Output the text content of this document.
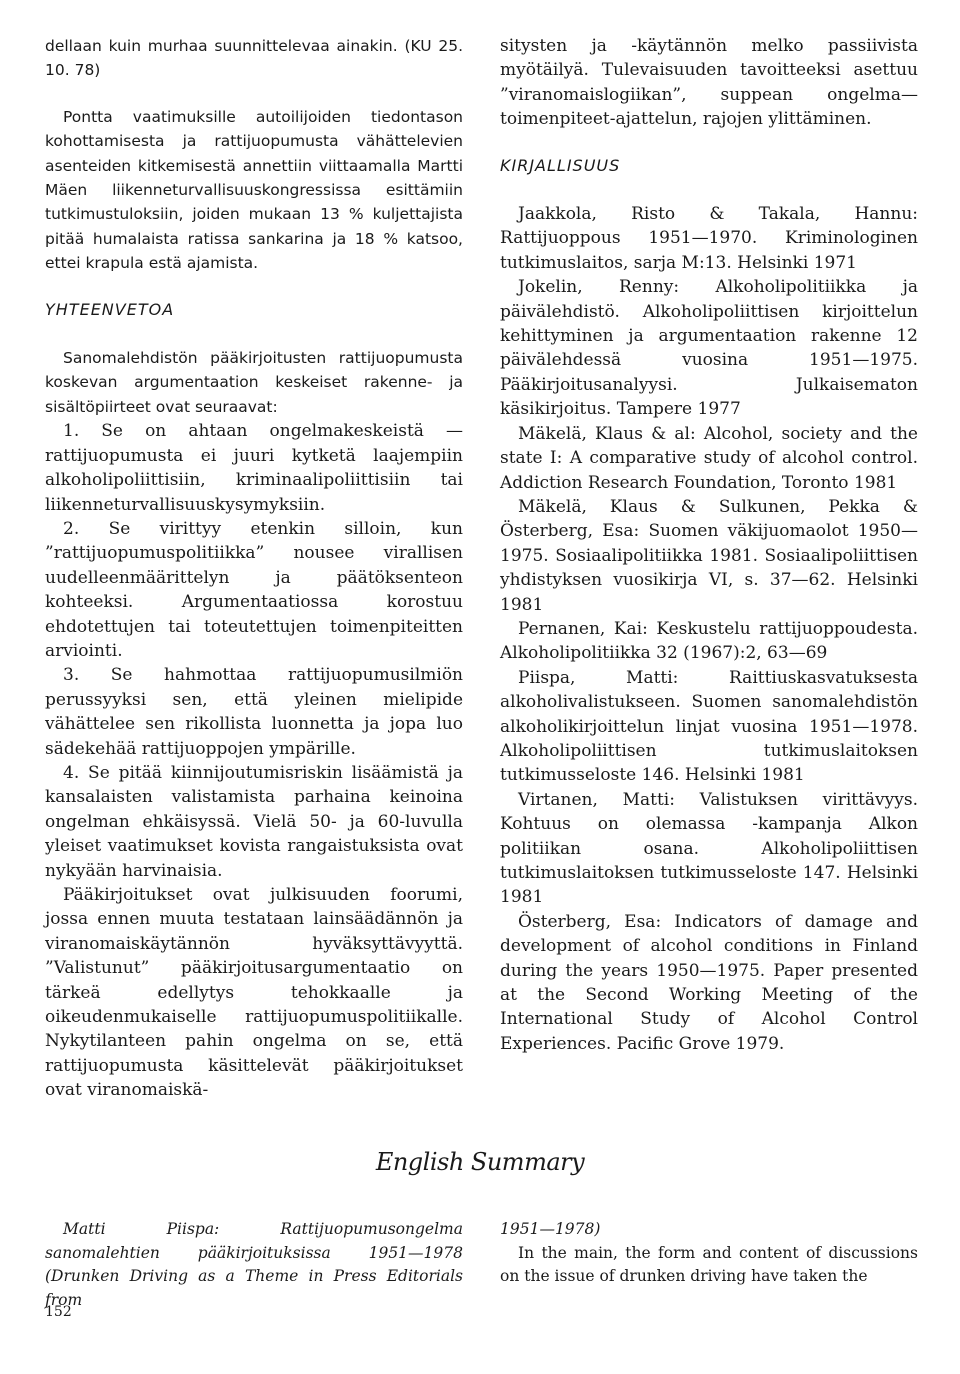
dellaan kuin murhaa suunnittelevaa ainakin. (KU 25. 10. 78)

Pontta vaatimuksille autoilijoiden tiedontason kohottamisesta ja rattijuopumusta vähättelevien asenteiden kitkemisestä annettiin viittaamalla Martti Mäen liikenneturvallisuuskongressissa esittämiin tutkimustuloksiin, joiden mukaan 13 % kuljettajista pitää humalaista ratissa sankarina ja 18 % katsoo, ettei krapula estä ajamista.

YHTEENVETOA

Sanomalehdistön pääkirjoitusten rattijuopumusta koskevan argumentaation keskeiset rakenne- ja sisältöpiirteet ovat seuraavat:

1. Se on ahtaan ongelmakeskeistä — rattijuopumusta ei juuri kytketä laajempiin alkoholipoliittisiin, kriminaalipoliittisiin tai liikenneturvallisuuskysymyksiin.

2. Se virittyy etenkin silloin, kun ”rattijuopumuspolitiikka” nousee virallisen uudelleenmäärittelyn ja päätöksenteon kohteeksi. Argumentaatiossa korostuu ehdotettujen tai toteutettujen toimenpiteitten arviointi.

3. Se hahmottaa rattijuopumusilmiön perussyyksi sen, että yleinen mielipide vähättelee sen rikollista luonnetta ja jopa luo sädekehää rattijuoppojen ympärille.

4. Se pitää kiinnijoutumisriskin lisäämistä ja kansalaisten valistamista parhaina keinoina ongelman ehkäisyssä. Vielä 50- ja 60-luvulla yleiset vaatimukset kovista rangaistuksista ovat nykyään harvinaisia.

Pääkirjoitukset ovat julkisuuden foorumi, jossa ennen muuta testataan lainsäädännön ja viranomaiskäytännön hyväksyttävyyttä. ”Valistunut” pääkirjoitusargumentaatio on tärkeä edellytys tehokkaalle ja oikeudenmukaiselle rattijuopumuspolitiikalle. Nykytilanteen pahin ongelma on se, että rattijuopumusta käsittelevät pääkirjoitukset ovat viranomaiskä-

sitysten ja -käytännön melko passiivista myötäilyä. Tulevaisuuden tavoitteeksi asettuu ”viranomaislogiikan”, suppean ongelma—toimenpiteet-ajattelun, rajojen ylittäminen.

KIRJALLISUUS

Jaakkola, Risto & Takala, Hannu: Rattijuoppous 1951—1970. Kriminologinen tutkimuslaitos, sarja M:13. Helsinki 1971

Jokelin, Renny: Alkoholipolitiikka ja päivälehdistö. Alkoholipoliittisen kirjoittelun kehittyminen ja argumentaation rakenne 12 päivälehdessä vuosina 1951—1975. Pääkirjoitusanalyysi. Julkaisematon käsikirjoitus. Tampere 1977

Mäkelä, Klaus & al: Alcohol, society and the state I: A comparative study of alcohol control. Addiction Research Foundation, Toronto 1981

Mäkelä, Klaus & Sulkunen, Pekka & Österberg, Esa: Suomen väkijuomaolot 1950—1975. Sosiaalipolitiikka 1981. Sosiaalipoliittisen yhdistyksen vuosikirja VI, s. 37—62. Helsinki 1981

Pernanen, Kai: Keskustelu rattijuoppoudesta. Alkoholipolitiikka 32 (1967):2, 63—69

Piispa, Matti: Raittiuskasvatuksesta alkoholivalistukseen. Suomen sanomalehdistön alkoholikirjoittelun linjat vuosina 1951—1978. Alkoholipoliittisen tutkimuslaitoksen tutkimusseloste 146. Helsinki 1981

Virtanen, Matti: Valistuksen virittävyys. Kohtuus on olemassa -kampanja Alkon politiikan osana. Alkoholipoliittisen tutkimuslaitoksen tutkimusseloste 147. Helsinki 1981

Österberg, Esa: Indicators of damage and development of alcohol conditions in Finland during the years 1950—1975. Paper presented at the Second Working Meeting of the International Study of Alcohol Control Experiences. Pacific Grove 1979.

English Summary

Matti Piispa: Rattijuopumusongelma sanomalehtien pääkirjoituksissa 1951—1978 (Drunken Driving as a Theme in Press Editorials from

1951—1978)

In the main, the form and content of discussions on the issue of drunken driving have taken the

152
